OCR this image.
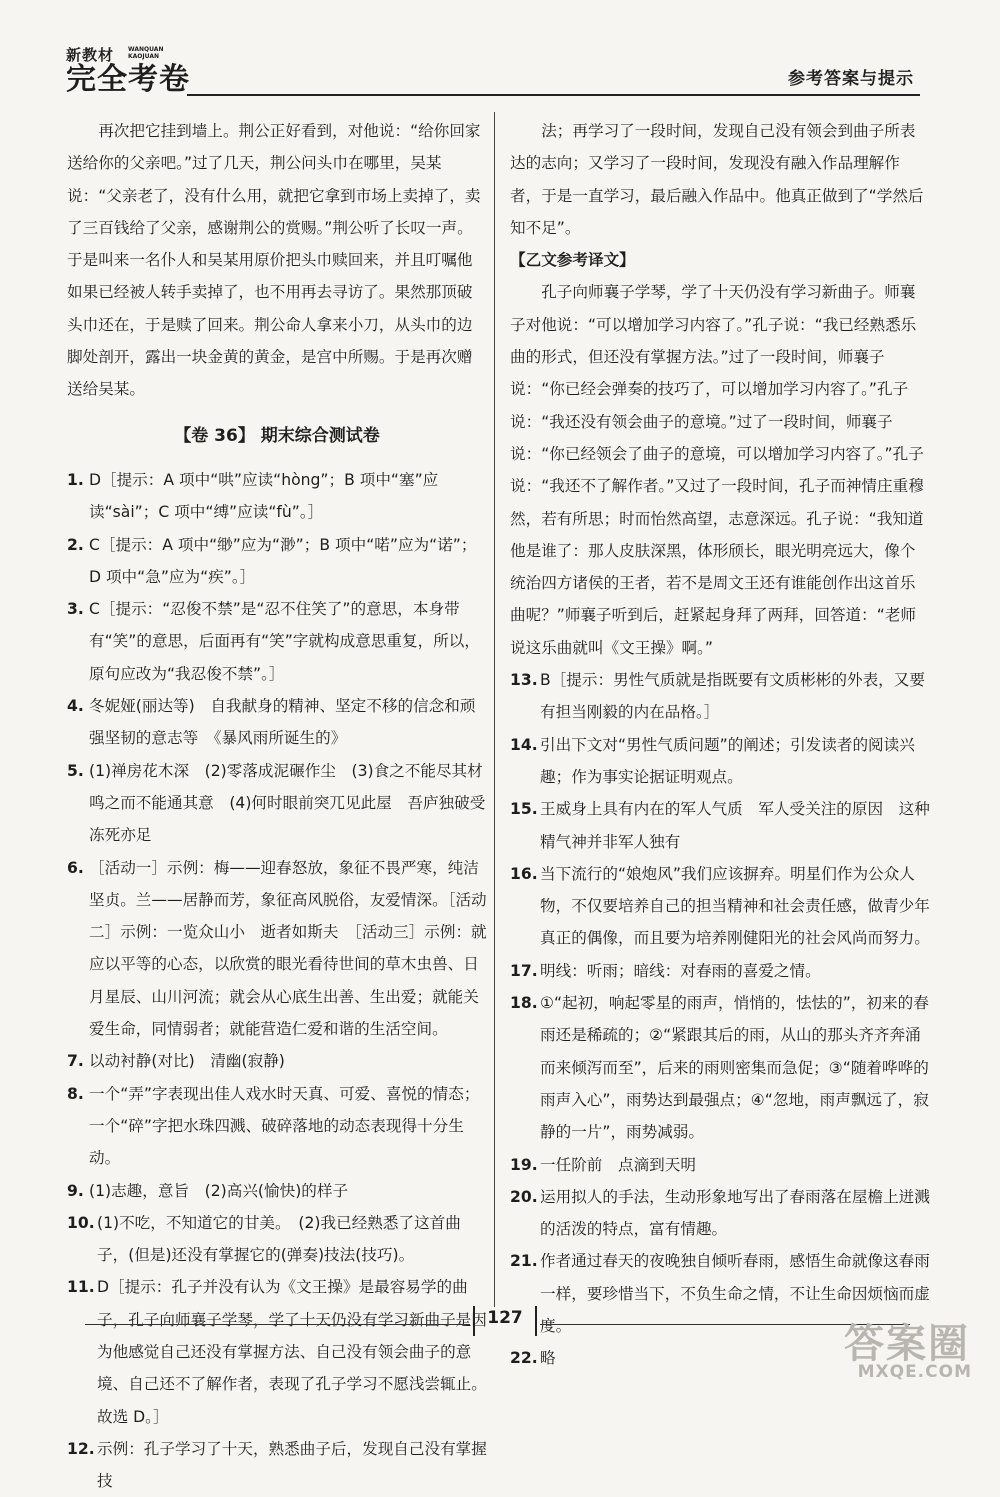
新教材	WANQUAN
KAOJUAN
完全考卷	参考答案与提示

再次把它挂到墙上。荆公正好看到，对他说：“给你回家送给你的父亲吧。”过了几天，荆公问头巾在哪里，吴某说：“父亲老了，没有什么用，就把它拿到市场上卖掉了，卖了三百钱给了父亲，感谢荆公的赏赐。”荆公听了长叹一声。于是叫来一名仆人和吴某用原价把头巾赎回来，并且叮嘱他如果已经被人转手卖掉了，也不用再去寻访了。果然那顶破头巾还在，于是赎了回来。荆公命人拿来小刀，从头巾的边脚处剖开，露出一块金黄的黄金，是宫中所赐。于是再次赠送给吴某。

【卷 36】 期末综合测试卷
1. D［提示：A 项中“哄”应读“hòng”；B 项中“塞”应读“sài”；C 项中“缚”应读“fù”。］
2. C［提示：A 项中“缈”应为“渺”；B 项中“喏”应为“诺”；D 项中“急”应为“疾”。］
3. C［提示：“忍俊不禁”是“忍不住笑了”的意思，本身带有“笑”的意思，后面再有“笑”字就构成意思重复，所以，原句应改为“我忍俊不禁”。］
4. 冬妮娅(丽达等)　自我献身的精神、坚定不移的信念和顽强坚韧的意志等　《暴风雨所诞生的》
5. (1)禅房花木深　(2)零落成泥碾作尘　(3)食之不能尽其材　鸣之而不能通其意　(4)何时眼前突兀见此屋　吾庐独破受冻死亦足
6. ［活动一］示例：梅——迎春怒放，象征不畏严寒，纯洁坚贞。兰——居静而芳，象征高风脱俗，友爱情深。［活动二］示例：一览众山小　逝者如斯夫　［活动三］示例：就应以平等的心态，以欣赏的眼光看待世间的草木虫兽、日月星辰、山川河流；就会从心底生出善、生出爱；就能关爱生命，同情弱者；就能营造仁爱和谐的生活空间。
7. 以动衬静(对比)　清幽(寂静)
8. 一个“弄”字表现出佳人戏水时天真、可爱、喜悦的情态；一个“碎”字把水珠四溅、破碎落地的动态表现得十分生动。
9. (1)志趣，意旨　(2)高兴(愉快)的样子
10. (1)不吃，不知道它的甘美。　(2)我已经熟悉了这首曲子，(但是)还没有掌握它的(弹奏)技法(技巧)。
11. D［提示：孔子并没有认为《文王操》是最容易学的曲子，孔子向师襄子学琴，学了十天仍没有学习新曲子是因为他感觉自己还没有掌握方法、自己没有领会曲子的意境、自己还不了解作者，表现了孔子学习不愿浅尝辄止。故选 D。］
12. 示例：孔子学习了十天，熟悉曲子后，发现自己没有掌握技

法；再学习了一段时间，发现自己没有领会到曲子所表达的志向；又学习了一段时间，发现没有融入作品理解作者，于是一直学习，最后融入作品中。他真正做到了“学然后知不足”。

【乙文参考译文】

孔子向师襄子学琴，学了十天仍没有学习新曲子。师襄子对他说：“可以增加学习内容了。”孔子说：“我已经熟悉乐曲的形式，但还没有掌握方法。”过了一段时间，师襄子说：“你已经会弹奏的技巧了，可以增加学习内容了。”孔子说：“我还没有领会曲子的意境。”过了一段时间，师襄子说：“你已经领会了曲子的意境，可以增加学习内容了。”孔子说：“我还不了解作者。”又过了一段时间，孔子而神情庄重穆然，若有所思；时而怡然高望，志意深远。孔子说：“我知道他是谁了：那人皮肤深黑，体形颀长，眼光明亮远大，像个统治四方诸侯的王者，若不是周文王还有谁能创作出这首乐曲呢？”师襄子听到后，赶紧起身拜了两拜，回答道：“老师说这乐曲就叫《文王操》啊。”

13. B［提示：男性气质就是指既要有文质彬彬的外表，又要有担当刚毅的内在品格。］
14. 引出下文对“男性气质问题”的阐述；引发读者的阅读兴趣；作为事实论据证明观点。
15. 王威身上具有内在的军人气质　军人受关注的原因　这种精气神并非军人独有
16. 当下流行的“娘炮风”我们应该摒弃。明星们作为公众人物，不仅要培养自己的担当精神和社会责任感，做青少年真正的偶像，而且要为培养刚健阳光的社会风尚而努力。
17. 明线：听雨；暗线：对春雨的喜爱之情。
18. ①“起初，响起零星的雨声，悄悄的，怯怯的”，初来的春雨还是稀疏的；②“紧跟其后的雨，从山的那头齐齐奔涌而来倾泻而至”，后来的雨则密集而急促；③“随着哗哗的雨声入心”，雨势达到最强点；④“忽地，雨声飘远了，寂静的一片”，雨势减弱。
19. 一任阶前　点滴到天明
20. 运用拟人的手法，生动形象地写出了春雨落在屋檐上迸溅的活泼的特点，富有情趣。
21. 作者通过春天的夜晚独自倾听春雨，感悟生命就像这春雨一样，要珍惜当下，不负生命之情，不让生命因烦恼而虚度。
22. 略
127
答案圈
MXQE.COM
